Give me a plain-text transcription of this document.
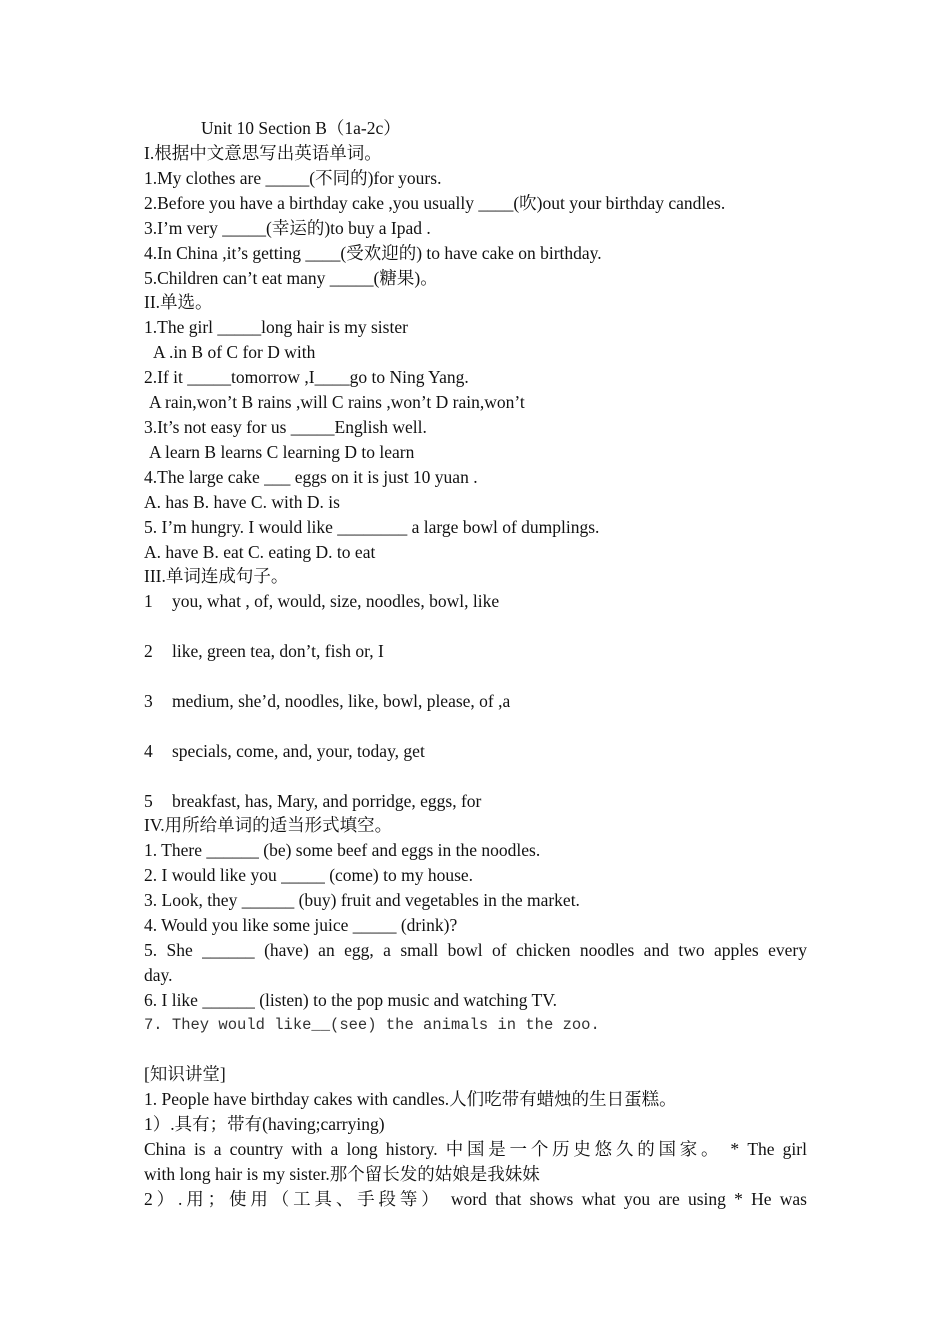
Unit 10 Section B（1a-2c）
I.根据中文意思写出英语单词。
1.My clothes are _____(不同的)for yours.
2.Before you have a birthday cake ,you usually ____(吹)out your birthday candles.
3.I’m very _____(幸运的)to buy a Ipad .
4.In China ,it’s getting ____(受欢迎的) to have cake on birthday.
5.Children can’t eat many _____(糖果)。
II.单选。
1.The girl _____long hair is my sister
A .in B of C for D with
2.If it _____tomorrow ,I____go to Ning Yang.
A rain,won’t B rains ,will C rains ,won’t D rain,won’t
3.It’s not easy for us _____English well.
A learn B learns C learning D to learn
4.The large cake ___ eggs on it is just 10 yuan .
A. has B. have C. with D. is
5. I’m hungry. I would like ________ a large bowl of dumplings.
A. have B. eat C. eating D. to eat
III.单词连成句子。
1 you, what , of, would, size, noodles, bowl, like
2 like, green tea, don’t, fish or, I
3 medium, she’d, noodles, like, bowl, please, of ,a
4 specials, come, and, your, today, get
5 breakfast, has, Mary, and porridge, eggs, for
IV.用所给单词的适当形式填空。
1. There ______ (be) some beef and eggs in the noodles.
2. I would like you _____ (come) to my house.
3. Look, they ______ (buy) fruit and vegetables in the market.
4. Would you like some juice _____ (drink)?
5. She ______ (have) an egg, a small bowl of chicken noodles and two apples every
day.
6. I like ______ (listen) to the pop music and watching TV.
7. They would like__(see) the animals in the zoo.
[知识讲堂]
1. People have birthday cakes with candles.人们吃带有蜡烛的生日蛋糕。
1）.具有；带有(having;carrying)
China is a country with a long history. 中国是一个历史悠久的国家。 * The girl
with long hair is my sister.那个留长发的姑娘是我妹妹
2）.用；使用（工具、手段等） word that shows what you are using * He was
